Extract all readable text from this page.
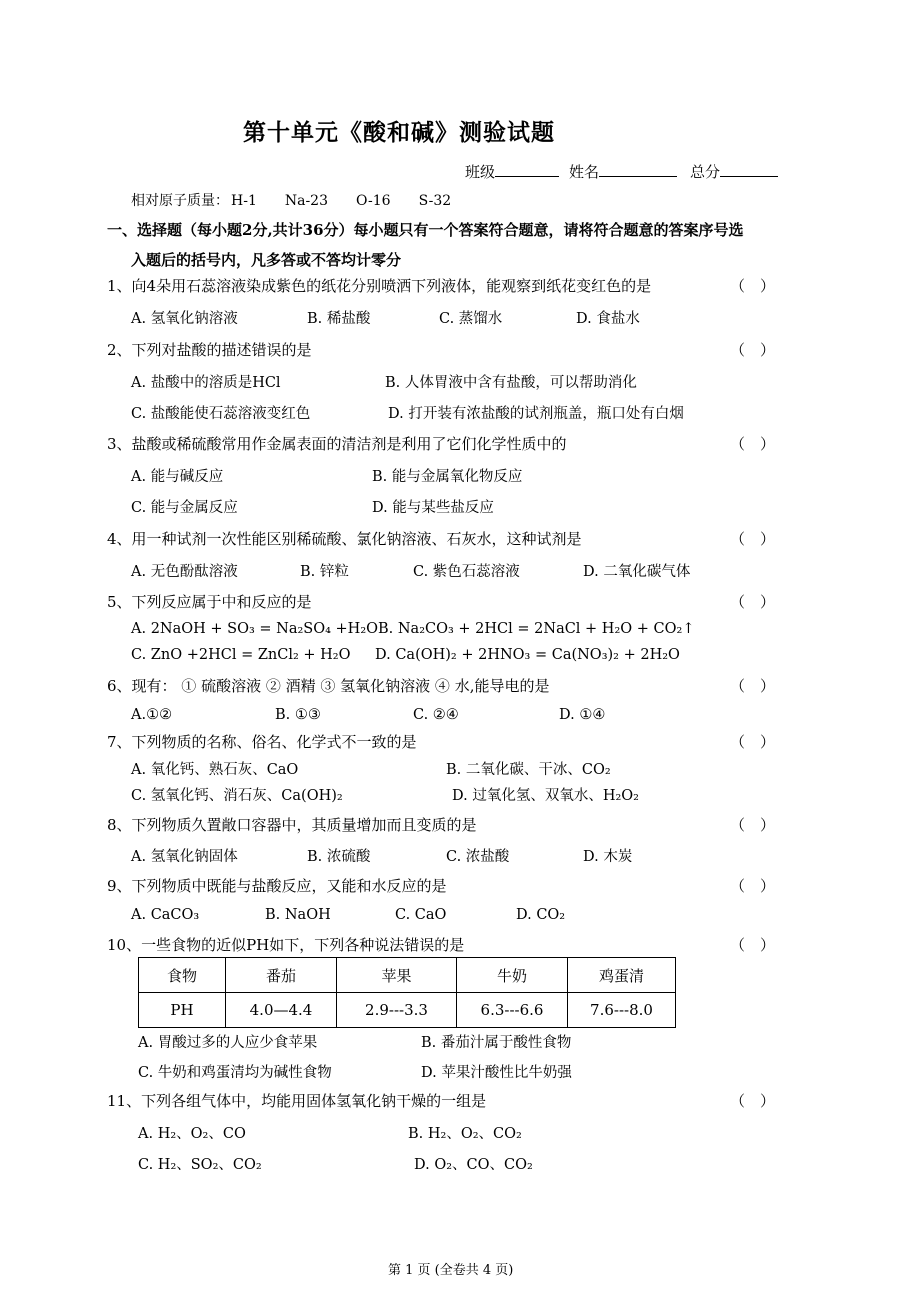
第十单元《酸和碱》测验试题
班级	姓名	总分
相对原子质量： H-1 Na-23 O-16 S-32
一、选择题（每小题2分,共计36分）每小题只有一个答案符合题意，请将符合题意的答案序号选
入题后的括号内，凡多答或不答均计零分
1、向4朵用石蕊溶液染成紫色的纸花分别喷洒下列液体，能观察到纸花变红色的是	（ ）
A. 氢氧化钠溶液	B. 稀盐酸	C. 蒸馏水	D. 食盐水
2、下列对盐酸的描述错误的是	（ ）
A. 盐酸中的溶质是HCl	B. 人体胃液中含有盐酸，可以帮助消化
C. 盐酸能使石蕊溶液变红色	D. 打开装有浓盐酸的试剂瓶盖，瓶口处有白烟
3、盐酸或稀硫酸常用作金属表面的清洁剂是利用了它们化学性质中的	（ ）
A. 能与碱反应	B. 能与金属氧化物反应
C. 能与金属反应	D. 能与某些盐反应
4、用一种试剂一次性能区别稀硫酸、氯化钠溶液、石灰水，这种试剂是	（ ）
A. 无色酚酞溶液	B. 锌粒	C. 紫色石蕊溶液	D. 二氧化碳气体
5、下列反应属于中和反应的是	（ ）
A. 2NaOH + SO₃ = Na₂SO₄ +H₂O B. Na₂CO₃ + 2HCl = 2NaCl + H₂O + CO₂↑
C. ZnO +2HCl = ZnCl₂ + H₂O D. Ca(OH)₂ + 2HNO₃ = Ca(NO₃)₂ + 2H₂O
6、现有： ① 硫酸溶液 ② 酒精 ③ 氢氧化钠溶液 ④ 水,能导电的是	（ ）
A.①②	B. ①③	C. ②④	D. ①④
7、下列物质的名称、俗名、化学式不一致的是	（ ）
A. 氧化钙、熟石灰、CaO	B. 二氧化碳、干冰、CO₂
C. 氢氧化钙、消石灰、Ca(OH)₂	D. 过氧化氢、双氧水、H₂O₂
8、下列物质久置敞口容器中，其质量增加而且变质的是	（ ）
A. 氢氧化钠固体	B. 浓硫酸	C. 浓盐酸	D. 木炭
9、下列物质中既能与盐酸反应，又能和水反应的是	（ ）
A. CaCO₃	B. NaOH	C. CaO	D. CO₂
10、一些食物的近似PH如下，下列各种说法错误的是	（ ）
食物	番茄	苹果	牛奶	鸡蛋清
PH	4.0—4.4	2.9---3.3	6.3---6.6	7.6---8.0
A. 胃酸过多的人应少食苹果	B. 番茄汁属于酸性食物
C. 牛奶和鸡蛋清均为碱性食物	D. 苹果汁酸性比牛奶强
11、下列各组气体中，均能用固体氢氧化钠干燥的一组是	（ ）
A. H₂、O₂、CO	B. H₂、O₂、CO₂
C. H₂、SO₂、CO₂	D. O₂、CO、CO₂
第 1 页 (全卷共 4 页)
